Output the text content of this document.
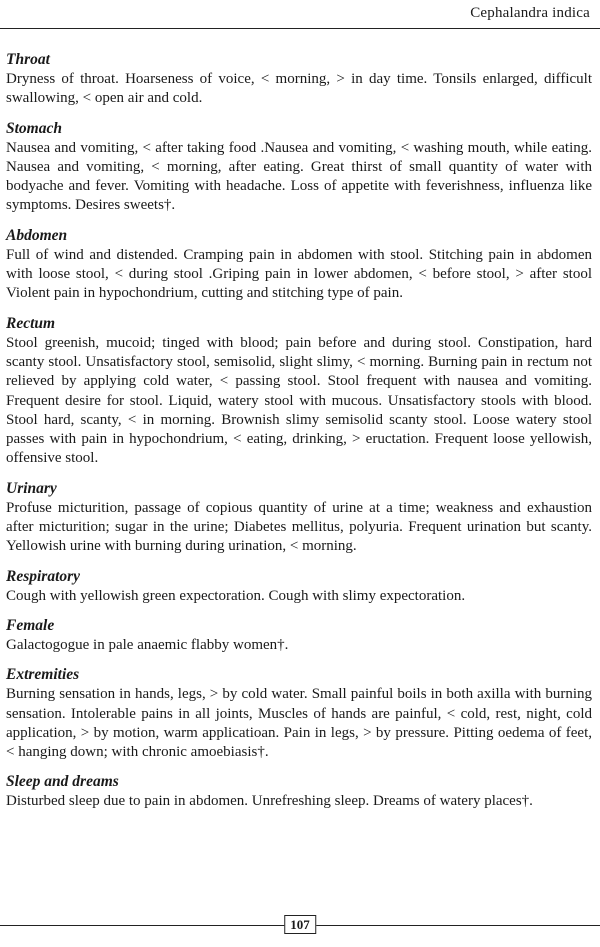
Cephalandra indica
Throat

Dryness of throat. Hoarseness of voice, < morning, > in day time. Tonsils enlarged, difficult swallowing, < open air and cold.

Stomach

Nausea and vomiting, < after taking food .Nausea and vomiting, < washing mouth, while eating. Nausea and vomiting, < morning, after eating. Great thirst of small quantity of water with bodyache and fever. Vomiting with headache. Loss of appetite with feverishness, influenza like symptoms. Desires sweets†.

Abdomen

Full of wind and distended. Cramping pain in abdomen with stool. Stitching pain in abdomen with loose stool, < during stool .Griping pain in lower abdomen, < before stool, > after stool Violent pain in hypochondrium, cutting and stitching type of pain.

Rectum

Stool greenish, mucoid; tinged with blood; pain before and during stool. Constipation, hard scanty stool. Unsatisfactory stool, semisolid, slight slimy, < morning. Burning pain in rectum not relieved by applying cold water, < passing stool. Stool frequent with nausea and vomiting. Frequent desire for stool. Liquid, watery stool with mucous. Unsatisfactory stools with blood. Stool hard, scanty, < in morning. Brownish slimy semisolid scanty stool. Loose watery stool passes with pain in hypochondrium, < eating, drinking, > eructation. Frequent loose yellowish, offensive stool.

Urinary

Profuse micturition, passage of copious quantity of urine at a time; weakness and exhaustion after micturition; sugar in the urine; Diabetes mellitus, polyuria. Frequent urination but scanty. Yellowish urine with burning during urination, < morning.

Respiratory

Cough with yellowish green expectoration. Cough with slimy expectoration.

Female

Galactogogue in pale anaemic flabby women†.

Extremities

Burning sensation in hands, legs, > by cold water. Small painful boils in both axilla with burning sensation. Intolerable pains in all joints, Muscles of hands are painful, < cold, rest, night, cold application, > by motion, warm applicatioan. Pain in legs, > by pressure. Pitting oedema of feet, < hanging down; with chronic amoebiasis†.

Sleep and dreams

Disturbed sleep due to pain in abdomen. Unrefreshing sleep. Dreams of watery places†.

107
